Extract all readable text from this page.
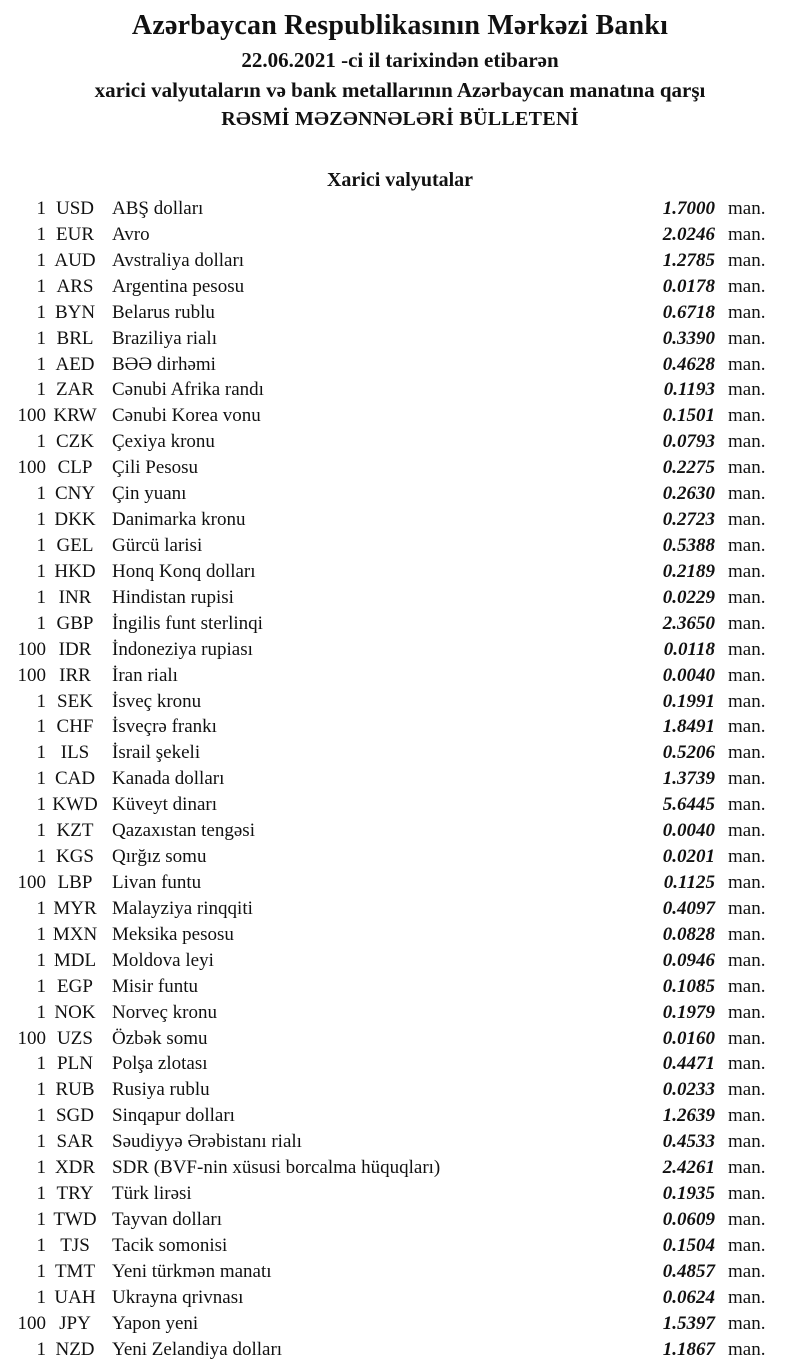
Azərbaycan Respublikasının Mərkəzi Bankı
22.06.2021 -ci il tarixindən etibarən
xarici valyutaların və bank metallarının Azərbaycan manatına qarşı
RƏSMİ MƏZƏNNƏLƏRİ BÜLLETENİ
Xarici valyutalar
1 USD ABŞ dolları	1.7000 man.
1 EUR Avro	2.0246 man.
1 AUD Avstraliya dolları	1.2785 man.
1 ARS Argentina pesosu	0.0178 man.
1 BYN Belarus rublu	0.6718 man.
1 BRL Braziliya rialı	0.3390 man.
1 AED BƏƏ dirhəmi	0.4628 man.
1 ZAR Cənubi Afrika randı	0.1193 man.
100 KRW Cənubi Korea vonu	0.1501 man.
1 CZK Çexiya kronu	0.0793 man.
100 CLP	Çili Pesosu	0.2275 man.
1 CNY Çin yuanı	0.2630 man.
1 DKK Danimarka kronu	0.2723 man.
1 GEL Gürcü larisi	0.5388 man.
1 HKD Honq Konq dolları	0.2189 man.
1 INR	Hindistan rupisi	0.0229 man.
1 GBP İngilis funt sterlinqi	2.3650 man.
100 IDR	İndoneziya rupiası	0.0118 man.
100 IRR	İran rialı	0.0040 man.
1 SEK	İsveç kronu	0.1991 man.
1 CHF İsveçrə frankı	1.8491 man.
1 ILS	İsrail şekeli	0.5206 man.
1 CAD Kanada dolları	1.3739 man.
1 KWD Küveyt dinarı	5.6445 man.
1 KZT Qazaxıstan tengəsi	0.0040 man.
1 KGS Qırğız somu	0.0201 man.
100 LBP	Livan funtu	0.1125 man.
1 MYR Malayziya rinqqiti	0.4097 man.
1 MXN Meksika pesosu	0.0828 man.
1 MDL Moldova leyi	0.0946 man.
1 EGP	Misir funtu	0.1085 man.
1 NOK Norveç kronu	0.1979 man.
100 UZS	Özbək somu	0.0160 man.
1 PLN	Polşa zlotası	0.4471 man.
1 RUB Rusiya rublu	0.0233 man.
1 SGD Sinqapur dolları	1.2639 man.
1 SAR Səudiyyə Ərəbistanı rialı	0.4533 man.
1 XDR SDR (BVF-nin xüsusi borcalma hüquqları)	2.4261 man.
1 TRY Türk lirəsi	0.1935 man.
1 TWD Tayvan dolları	0.0609 man.
1 TJS	Tacik somonisi	0.1504 man.
1 TMT Yeni türkmən manatı	0.4857 man.
1 UAH Ukrayna qrivnası	0.0624 man.
100 JPY	Yapon yeni	1.5397 man.
1 NZD Yeni Zelandiya dolları	1.1867 man.
